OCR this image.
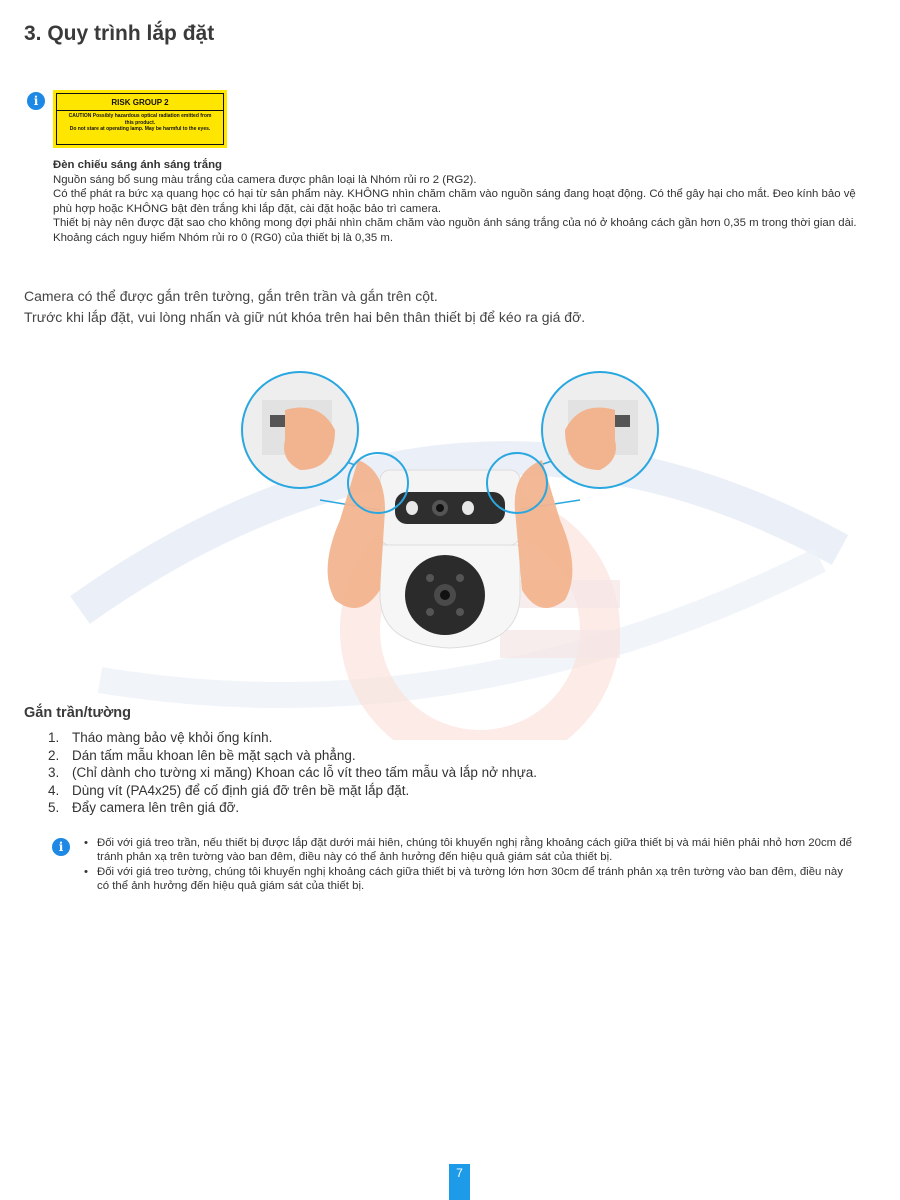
3. Quy trình lắp đặt
i	RISK GROUP 2
CAUTION Possibly hazardous optical radiation emitted from
this product.
Do not stare at operating lamp. May be harmful to the eyes.

Đèn chiếu sáng ánh sáng trắng

Nguồn sáng bổ sung màu trắng của camera được phân loại là Nhóm rủi ro 2 (RG2).

Có thể phát ra bức xạ quang học có hại từ sản phẩm này. KHÔNG nhìn chăm chăm vào nguồn sáng đang hoạt động. Có thể gây hại cho mắt. Đeo kính bảo vệ phù hợp hoặc KHÔNG bật đèn trắng khi lắp đặt, cài đặt hoặc bảo trì camera.

Thiết bị này nên được đặt sao cho không mong đợi phải nhìn chăm chăm vào nguồn ánh sáng trắng của nó ở khoảng cách gần hơn 0,35 m trong thời gian dài. Khoảng cách nguy hiểm Nhóm rủi ro 0 (RG0) của thiết bị là 0,35 m.

Camera có thể được gắn trên tường, gắn trên trần và gắn trên cột.

Trước khi lắp đặt, vui lòng nhấn và giữ nút khóa trên hai bên thân thiết bị để kéo ra giá đỡ.

Gắn trần/tường
1. Tháo màng bảo vệ khỏi ống kính.
2. Dán tấm mẫu khoan lên bề mặt sạch và phẳng.
3. (Chỉ dành cho tường xi măng) Khoan các lỗ vít theo tấm mẫu và lắp nở nhựa.
4. Dùng vít (PA4x25) để cố định giá đỡ trên bề mặt lắp đặt.
5. Đẩy camera lên trên giá đỡ.
i
•	Đối với giá treo trần, nếu thiết bị được lắp đặt dưới mái hiên, chúng tôi khuyến nghị rằng khoảng cách giữa thiết bị và mái hiên phải nhỏ hơn 20cm để tránh phản xạ trên tường vào ban đêm, điều này có thể ảnh hưởng đến hiệu quả giám sát của thiết bị.
• Đối với giá treo tường, chúng tôi khuyến nghị khoảng cách giữa thiết bị và tường lớn hơn 30cm để tránh phản xạ trên tường vào ban đêm, điều này có thể ảnh hưởng đến hiệu quả giám sát của thiết bị.
7
